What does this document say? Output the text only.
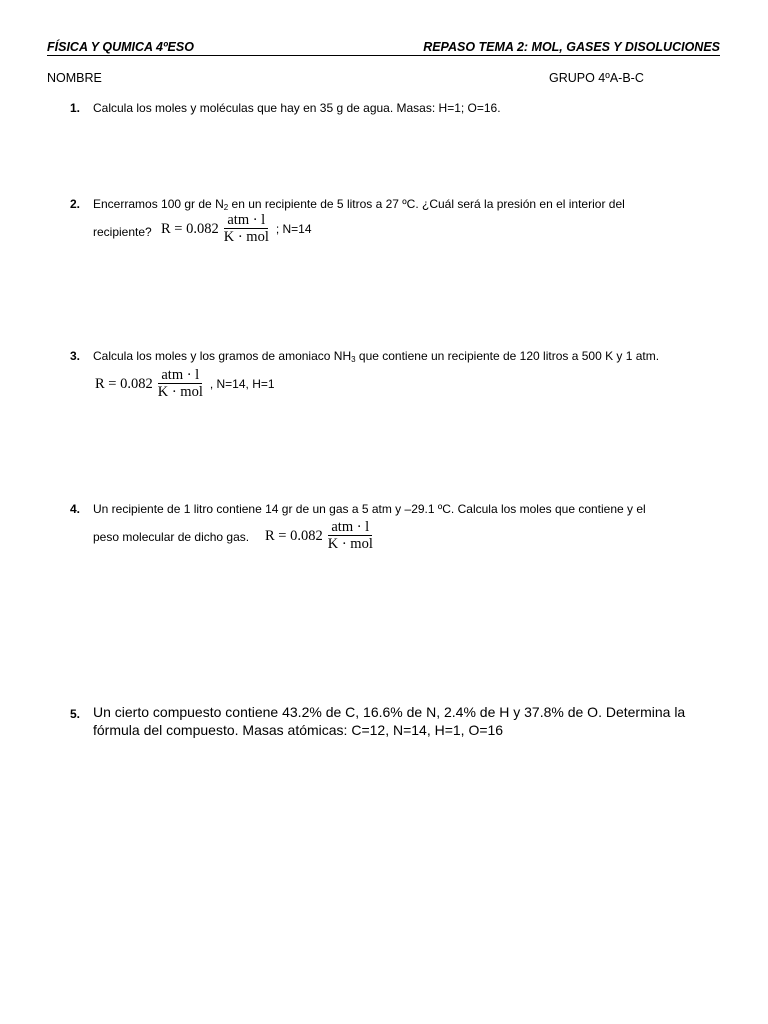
FÍSICA Y QUMICA 4ºESO	REPASO TEMA 2: MOL, GASES Y DISOLUCIONES
NOMBRE	GRUPO 4ºA-B-C
1. Calcula los moles y moléculas que hay en 35 g de agua. Masas: H=1; O=16.
2. Encerramos 100 gr de $N_2$ en un recipiente de 5 litros a 27 ºC. ¿Cuál será la presión en el interior del
recipiente? $R = 0.082 \frac{\text{atm · l}}{\text{K · mol}}$ ; N=14
3. Calcula los moles y los gramos de amoniaco $NH_3$ que contiene un recipiente de 120 litros a 500 K y 1 atm.
$R = 0.082 \frac{\text{atm · l}}{\text{K · mol}}$ , N=14, H=1
4. Un recipiente de 1 litro contiene 14 gr de un gas a 5 atm y –29.1 ºC. Calcula los moles que contiene y el
peso molecular de dicho gas. $R = 0.082 \frac{\text{atm · l}}{\text{K · mol}}$
5. Un cierto compuesto contiene 43.2% de C, 16.6% de N, 2.4% de H y 37.8% de O. Determina la
fórmula del compuesto. Masas atómicas: C=12, N=14, H=1, O=16
